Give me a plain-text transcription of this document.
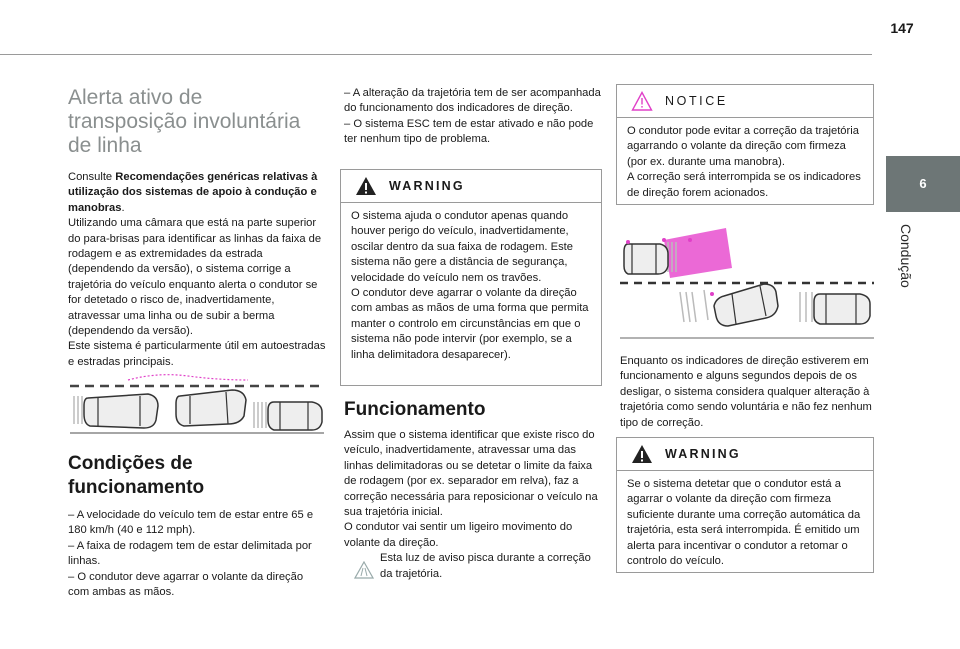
147
6
Condução
Alerta ativo de transposição involuntária de linha

Consulte Recomendações genéricas relativas à utilização dos sistemas de apoio à condução e manobras.

Utilizando uma câmara que está na parte superior do para-brisas para identificar as linhas da faixa de rodagem e as extremidades da estrada (dependendo da versão), o sistema corrige a trajetória do veículo enquanto alerta o condutor se for detetado o risco de, inadvertidamente, atravessar uma linha ou de subir a berma (dependendo da versão).

Este sistema é particularmente útil em autoestradas e estradas principais.

Condições de funcionamento

– A velocidade do veículo tem de estar entre 65 e 180 km/h (40 e 112 mph).

– A faixa de rodagem tem de estar delimitada por linhas.

– O condutor deve agarrar o volante da direção com ambas as mãos.

– A alteração da trajetória tem de ser acompanhada do funcionamento dos indicadores de direção.

– O sistema ESC tem de estar ativado e não pode ter nenhum tipo de problema.

WARNING

O sistema ajuda o condutor apenas quando houver perigo do veículo, inadvertidamente, oscilar dentro da sua faixa de rodagem. Este sistema não gere a distância de segurança, velocidade do veículo nem os travões.

O condutor deve agarrar o volante da direção com ambas as mãos de uma forma que permita manter o controlo em circunstâncias em que o sistema não pode intervir (por exemplo, se a linha delimitadora desaparecer).

Funcionamento

Assim que o sistema identificar que existe risco do veículo, inadvertidamente, atravessar uma das linhas delimitadoras ou se detetar o limite da faixa de rodagem (por ex. separador em relva), faz a correção necessária para reposicionar o veículo na sua trajetória inicial.

O condutor vai sentir um ligeiro movimento do volante da direção.

Esta luz de aviso pisca durante a correção da trajetória.
NOTICE

O condutor pode evitar a correção da trajetória agarrando o volante da direção com firmeza (por ex. durante uma manobra).

A correção será interrompida se os indicadores de direção forem acionados.

Enquanto os indicadores de direção estiverem em funcionamento e alguns segundos depois de os desligar, o sistema considera qualquer alteração à trajetória como sendo voluntária e não fez nenhum tipo de correção.
WARNING

Se o sistema detetar que o condutor está a agarrar o volante da direção com firmeza suficiente durante uma correção automática da trajetória, esta será interrompida. É emitido um alerta para incentivar o condutor a retomar o controlo do veículo.
